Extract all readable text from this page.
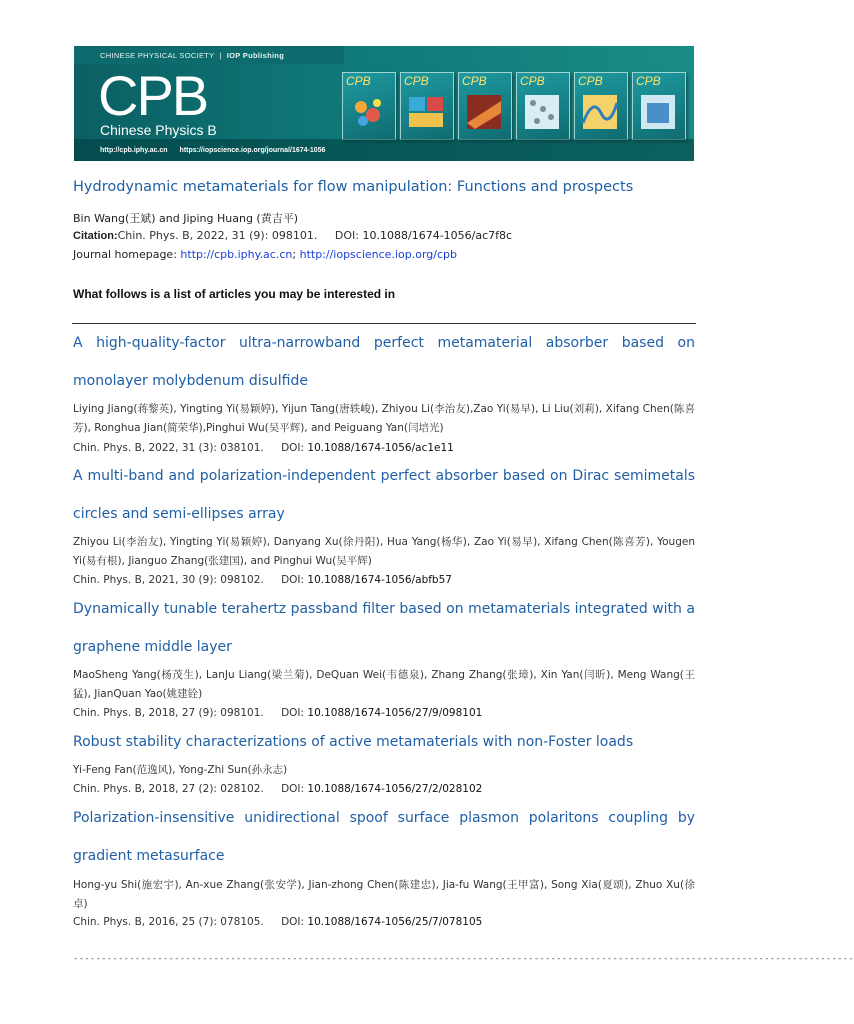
CHINESE PHYSICAL SOCIETY | IOP Publishing
CPB
Chinese Physics B
CPB	CPB	CPB	CPB	CPB	CPB
http://cpb.iphy.ac.cn https://iopscience.iop.org/journal/1674-1056
Hydrodynamic metamaterials for flow manipulation: Functions and prospects
Bin Wang(王斌) and Jiping Huang (黄吉平)
Citation:Chin. Phys. B, 2022, 31 (9): 098101. DOI: 10.1088/1674-1056/ac7f8c
Journal homepage: http://cpb.iphy.ac.cn; http://iopscience.iop.org/cpb
What follows is a list of articles you may be interested in
A high-quality-factor ultra-narrowband perfect metamaterial absorber based on monolayer molybdenum disulfide
Liying Jiang(蒋黎英), Yingting Yi(易颖婷), Yijun Tang(唐轶峻), Zhiyou Li(李治友),Zao Yi(易早), Li Liu(刘莉), Xifang Chen(陈喜芳), Ronghua Jian(简荣华),Pinghui Wu(吴平辉), and Peiguang Yan(闫培光)
Chin. Phys. B, 2022, 31 (3): 038101. DOI: 10.1088/1674-1056/ac1e11
A multi-band and polarization-independent perfect absorber based on Dirac semimetals circles and semi-ellipses array
Zhiyou Li(李治友), Yingting Yi(易颖婷), Danyang Xu(徐丹阳), Hua Yang(杨华), Zao Yi(易早), Xifang Chen(陈喜芳), Yougen Yi(易有根), Jianguo Zhang(张建国), and Pinghui Wu(吴平辉)
Chin. Phys. B, 2021, 30 (9): 098102. DOI: 10.1088/1674-1056/abfb57
Dynamically tunable terahertz passband filter based on metamaterials integrated with a graphene middle layer
MaoSheng Yang(杨茂生), LanJu Liang(梁兰菊), DeQuan Wei(韦德泉), Zhang Zhang(张璋), Xin Yan(闫昕), Meng Wang(王猛), JianQuan Yao(姚建铨)
Chin. Phys. B, 2018, 27 (9): 098101. DOI: 10.1088/1674-1056/27/9/098101
Robust stability characterizations of active metamaterials with non-Foster loads
Yi-Feng Fan(范逸风), Yong-Zhi Sun(孙永志)
Chin. Phys. B, 2018, 27 (2): 028102. DOI: 10.1088/1674-1056/27/2/028102
Polarization-insensitive unidirectional spoof surface plasmon polaritons coupling by gradient metasurface
Hong-yu Shi(施宏宇), An-xue Zhang(张安学), Jian-zhong Chen(陈建忠), Jia-fu Wang(王甲富), Song Xia(夏颂), Zhuo Xu(徐卓)
Chin. Phys. B, 2016, 25 (7): 078105. DOI: 10.1088/1674-1056/25/7/078105
-------------------------------------------------------------------------------------------------------------------------------------------
